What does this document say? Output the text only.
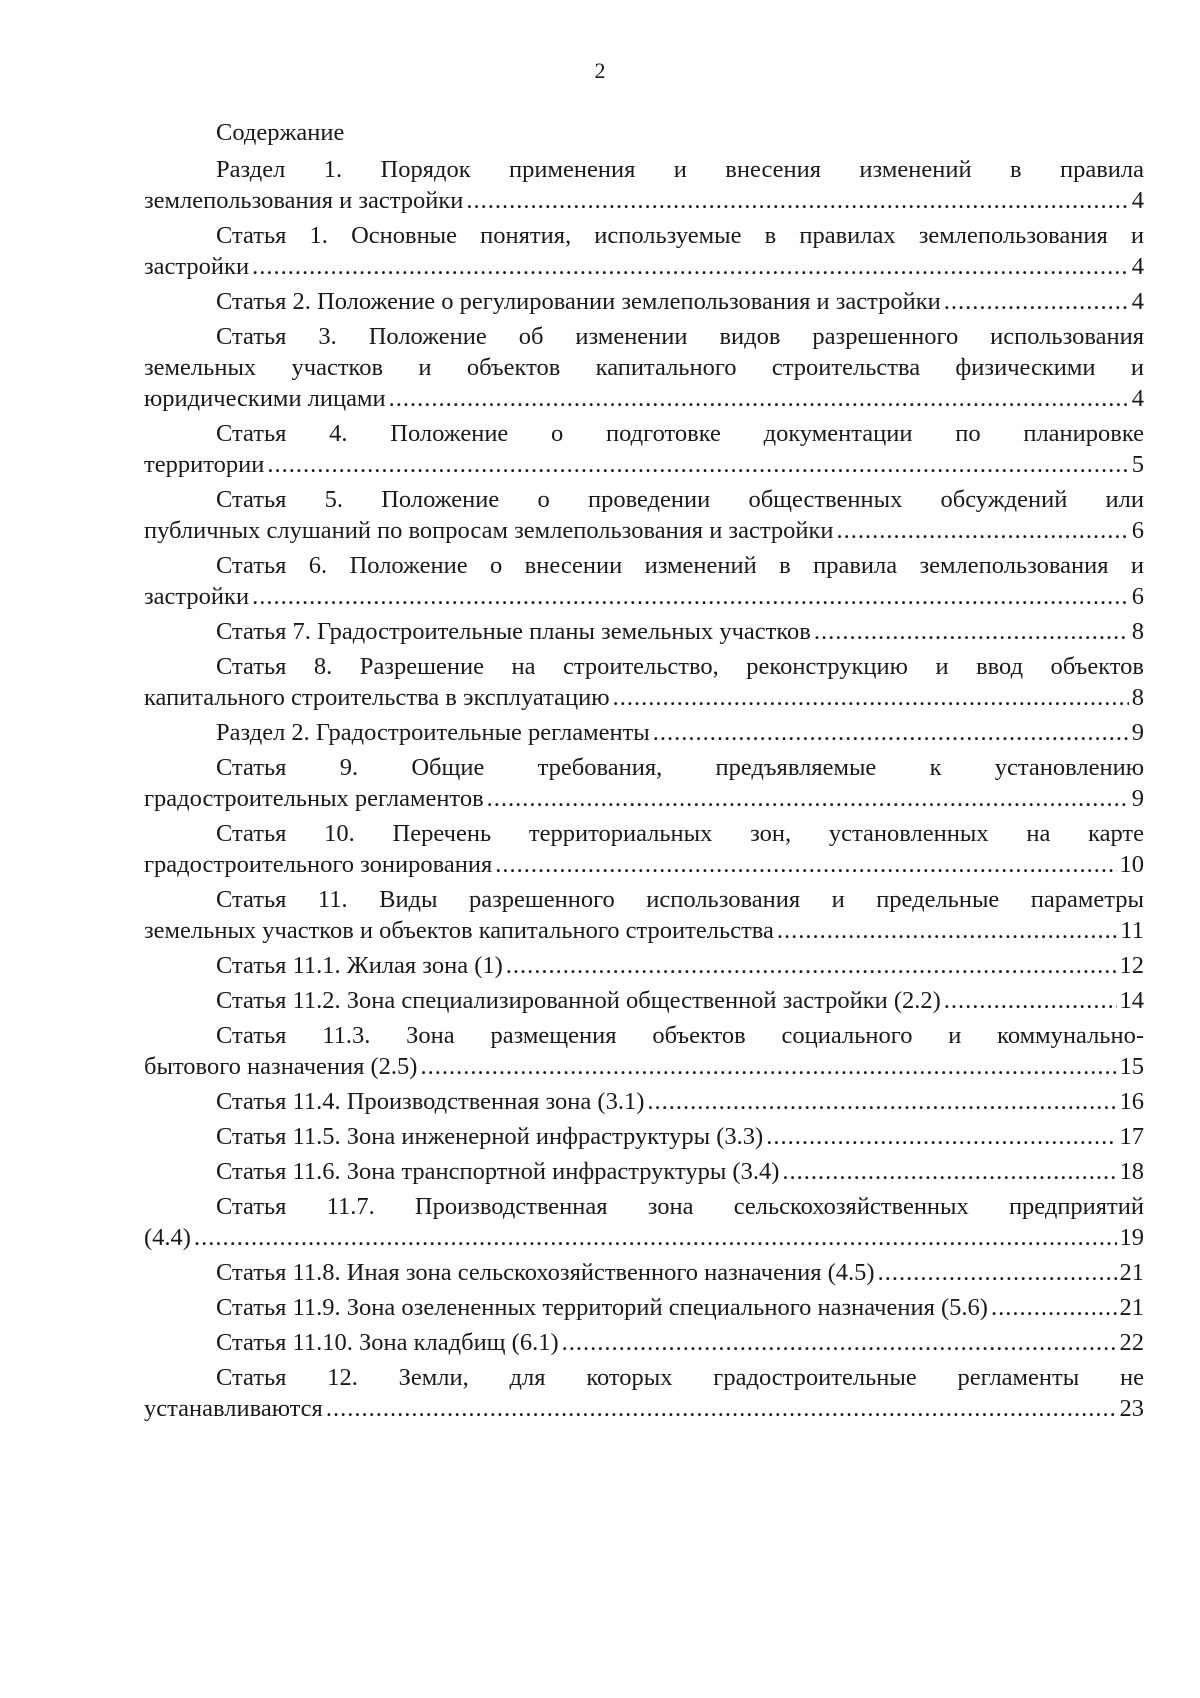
2
Содержание
Раздел 1. Порядок применения и внесения изменений в правила
землепользования и застройки .....	4
Статья 1. Основные понятия, используемые в правилах землепользования и
застройки .....	4
Статья 2. Положение о регулировании землепользования и застройки .....	4
Статья 3. Положение об изменении видов разрешенного использования
земельных участков и объектов капитального строительства физическими и
юридическими лицами .....	4
Статья 4. Положение о подготовке документации по планировке
территории .....	5
Статья 5. Положение о проведении общественных обсуждений или
публичных слушаний по вопросам землепользования и застройки .....	6
Статья 6. Положение о внесении изменений в правила землепользования и
застройки .....	6
Статья 7. Градостроительные планы земельных участков .....	8
Статья 8. Разрешение на строительство, реконструкцию и ввод объектов
капитального строительства в эксплуатацию .....	8
Раздел 2. Градостроительные регламенты .....	9
Статья 9. Общие требования, предъявляемые к установлению
градостроительных регламентов .....	9
Статья 10. Перечень территориальных зон, установленных на карте
градостроительного зонирования .....	10
Статья 11. Виды разрешенного использования и предельные параметры
земельных участков и объектов капитального строительства .....	11
Статья 11.1. Жилая зона (1) .....	12
Статья 11.2. Зона специализированной общественной застройки (2.2) .....	14
Статья 11.3. Зона размещения объектов социального и коммунально-
бытового назначения (2.5) .....	15
Статья 11.4. Производственная зона (3.1) .....	16
Статья 11.5. Зона инженерной инфраструктуры (3.3) .....	17
Статья 11.6. Зона транспортной инфраструктуры (3.4) .....	18
Статья 11.7. Производственная зона сельскохозяйственных предприятий
(4.4) .....	19
Статья 11.8. Иная зона сельскохозяйственного назначения (4.5) .....	21
Статья 11.9. Зона озелененных территорий специального назначения (5.6) .....	21
Статья 11.10. Зона кладбищ (6.1) .....	22
Статья 12. Земли, для которых градостроительные регламенты не
устанавливаются .....	23
